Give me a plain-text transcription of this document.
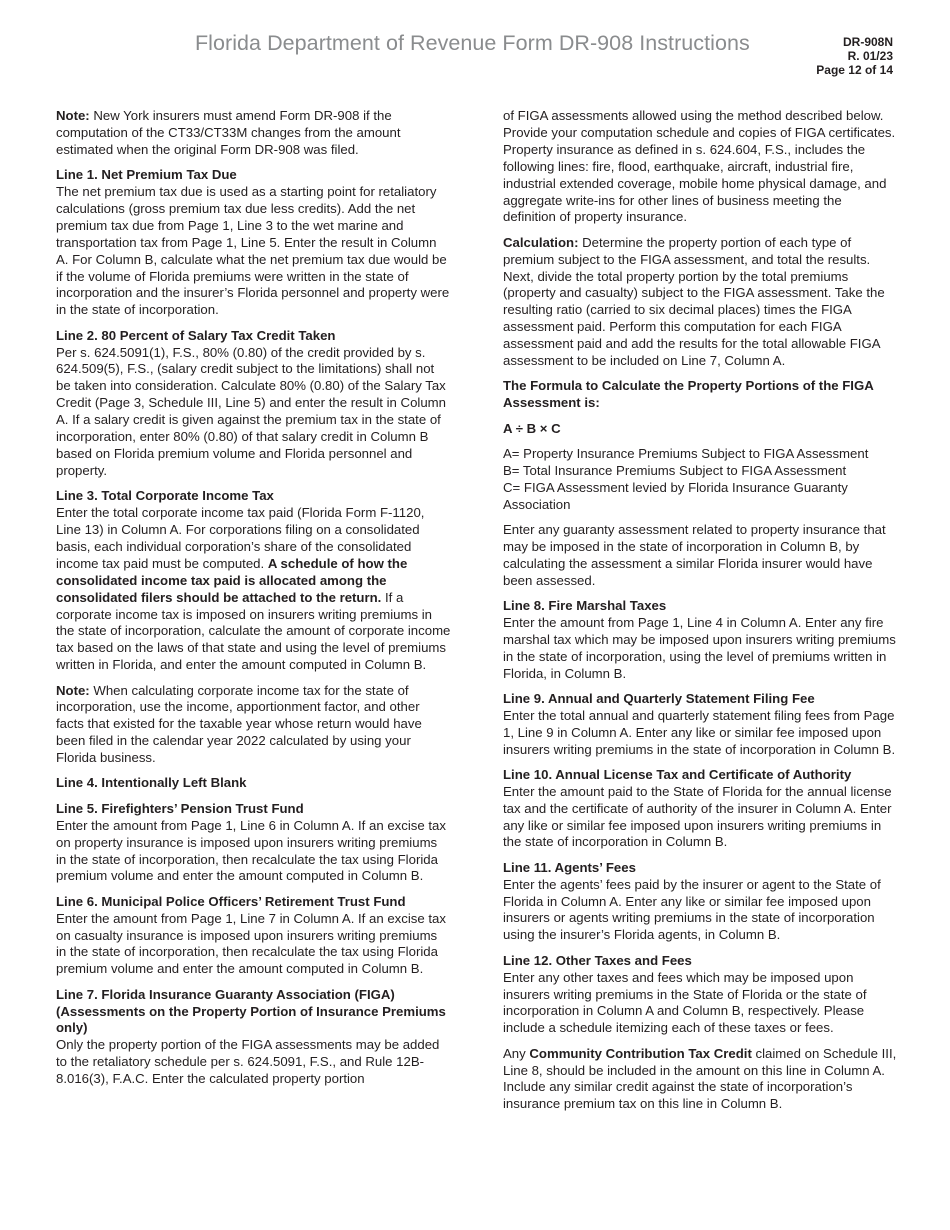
Florida Department of Revenue Form DR-908 Instructions	DR-908N
R. 01/23
Page 12 of 14

Note: New York insurers must amend Form DR-908 if the computation of the CT33/CT33M changes from the amount estimated when the original Form DR-908 was filed.

Line 1. Net Premium Tax Due
The net premium tax due is used as a starting point for retaliatory calculations (gross premium tax due less credits). Add the net premium tax due from Page 1, Line 3 to the wet marine and transportation tax from Page 1, Line 5. Enter the result in Column A. For Column B, calculate what the net premium tax due would be if the volume of Florida premiums were written in the state of incorporation and the insurer’s Florida personnel and property were in the state of incorporation.

Line 2. 80 Percent of Salary Tax Credit Taken
Per s. 624.5091(1), F.S., 80% (0.80) of the credit provided by s. 624.509(5), F.S., (salary credit subject to the limitations) shall not be taken into consideration. Calculate 80% (0.80) of the Salary Tax Credit (Page 3, Schedule III, Line 5) and enter the result in Column A. If a salary credit is given against the premium tax in the state of incorporation, enter 80% (0.80) of that salary credit in Column B based on Florida premium volume and Florida personnel and property.

Line 3. Total Corporate Income Tax
Enter the total corporate income tax paid (Florida Form F-1120, Line 13) in Column A. For corporations filing on a consolidated basis, each individual corporation’s share of the consolidated income tax paid must be computed. A schedule of how the consolidated income tax paid is allocated among the consolidated filers should be attached to the return. If a corporate income tax is imposed on insurers writing premiums in the state of incorporation, calculate the amount of corporate income tax based on the laws of that state and using the level of premiums written in Florida, and enter the amount computed in Column B.

Note: When calculating corporate income tax for the state of incorporation, use the income, apportionment factor, and other facts that existed for the taxable year whose return would have been filed in the calendar year 2022 calculated by using your Florida business.

Line 4. Intentionally Left Blank

Line 5. Firefighters’ Pension Trust Fund
Enter the amount from Page 1, Line 6 in Column A. If an excise tax on property insurance is imposed upon insurers writing premiums in the state of incorporation, then recalculate the tax using Florida premium volume and enter the amount computed in Column B.

Line 6. Municipal Police Officers’ Retirement Trust Fund
Enter the amount from Page 1, Line 7 in Column A. If an excise tax on casualty insurance is imposed upon insurers writing premiums in the state of incorporation, then recalculate the tax using Florida premium volume and enter the amount computed in Column B.

Line 7. Florida Insurance Guaranty Association (FIGA) (Assessments on the Property Portion of Insurance Premiums only)
Only the property portion of the FIGA assessments may be added to the retaliatory schedule per s. 624.5091, F.S., and Rule 12B-8.016(3), F.A.C. Enter the calculated property portion

of FIGA assessments allowed using the method described below. Provide your computation schedule and copies of FIGA certificates. Property insurance as defined in s. 624.604, F.S., includes the following lines: fire, flood, earthquake, aircraft, industrial fire, industrial extended coverage, mobile home physical damage, and aggregate write-ins for other lines of business meeting the definition of property insurance.

Calculation: Determine the property portion of each type of premium subject to the FIGA assessment, and total the results. Next, divide the total property portion by the total premiums (property and casualty) subject to the FIGA assessment. Take the resulting ratio (carried to six decimal places) times the FIGA assessment paid. Perform this computation for each FIGA assessment paid and add the results for the total allowable FIGA assessment to be included on Line 7, Column A.

The Formula to Calculate the Property Portions of the FIGA Assessment is:

A ÷ B × C

A= Property Insurance Premiums Subject to FIGA Assessment
B= Total Insurance Premiums Subject to FIGA Assessment
C= FIGA Assessment levied by Florida Insurance Guaranty Association

Enter any guaranty assessment related to property insurance that may be imposed in the state of incorporation in Column B, by calculating the assessment a similar Florida insurer would have been assessed.

Line 8. Fire Marshal Taxes
Enter the amount from Page 1, Line 4 in Column A. Enter any fire marshal tax which may be imposed upon insurers writing premiums in the state of incorporation, using the level of premiums written in Florida, in Column B.

Line 9. Annual and Quarterly Statement Filing Fee
Enter the total annual and quarterly statement filing fees from Page 1, Line 9 in Column A. Enter any like or similar fee imposed upon insurers writing premiums in the state of incorporation in Column B.

Line 10. Annual License Tax and Certificate of Authority
Enter the amount paid to the State of Florida for the annual license tax and the certificate of authority of the insurer in Column A. Enter any like or similar fee imposed upon insurers writing premiums in the state of incorporation in Column B.

Line 11. Agents’ Fees
Enter the agents’ fees paid by the insurer or agent to the State of Florida in Column A. Enter any like or similar fee imposed upon insurers or agents writing premiums in the state of incorporation using the insurer’s Florida agents, in Column B.

Line 12. Other Taxes and Fees
Enter any other taxes and fees which may be imposed upon insurers writing premiums in the State of Florida or the state of incorporation in Column A and Column B, respectively. Please include a schedule itemizing each of these taxes or fees.

Any Community Contribution Tax Credit claimed on Schedule III, Line 8, should be included in the amount on this line in Column A. Include any similar credit against the state of incorporation’s insurance premium tax on this line in Column B.
